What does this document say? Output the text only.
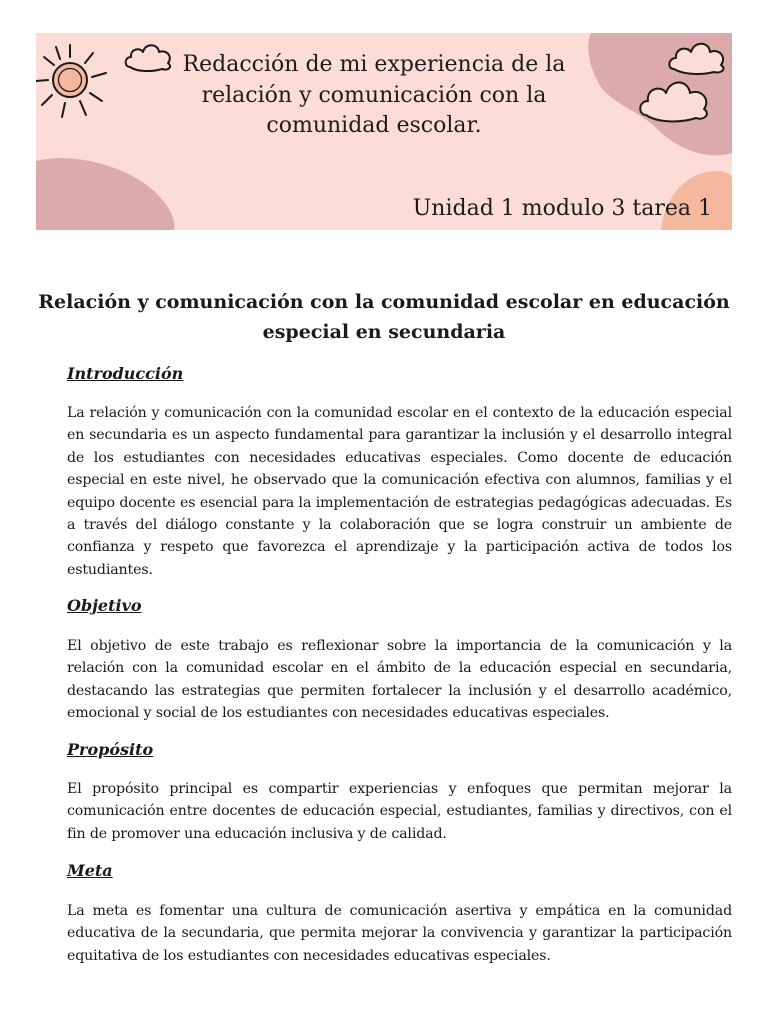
Redacción de mi experiencia de la relación y comunicación con la comunidad escolar.
Unidad 1 modulo 3 tarea 1
Relación y comunicación con la comunidad escolar en educación especial en secundaria
Introducción

La relación y comunicación con la comunidad escolar en el contexto de la educación especial en secundaria es un aspecto fundamental para garantizar la inclusión y el desarrollo integral de los estudiantes con necesidades educativas especiales. Como docente de educación especial en este nivel, he observado que la comunicación efectiva con alumnos, familias y el equipo docente es esencial para la implementación de estrategias pedagógicas adecuadas. Es a través del diálogo constante y la colaboración que se logra construir un ambiente de confianza y respeto que favorezca el aprendizaje y la participación activa de todos los estudiantes.

Objetivo

El objetivo de este trabajo es reflexionar sobre la importancia de la comunicación y la relación con la comunidad escolar en el ámbito de la educación especial en secundaria, destacando las estrategias que permiten fortalecer la inclusión y el desarrollo académico, emocional y social de los estudiantes con necesidades educativas especiales.

Propósito

El propósito principal es compartir experiencias y enfoques que permitan mejorar la comunicación entre docentes de educación especial, estudiantes, familias y directivos, con el fin de promover una educación inclusiva y de calidad.

Meta

La meta es fomentar una cultura de comunicación asertiva y empática en la comunidad educativa de la secundaria, que permita mejorar la convivencia y garantizar la participación equitativa de los estudiantes con necesidades educativas especiales.
